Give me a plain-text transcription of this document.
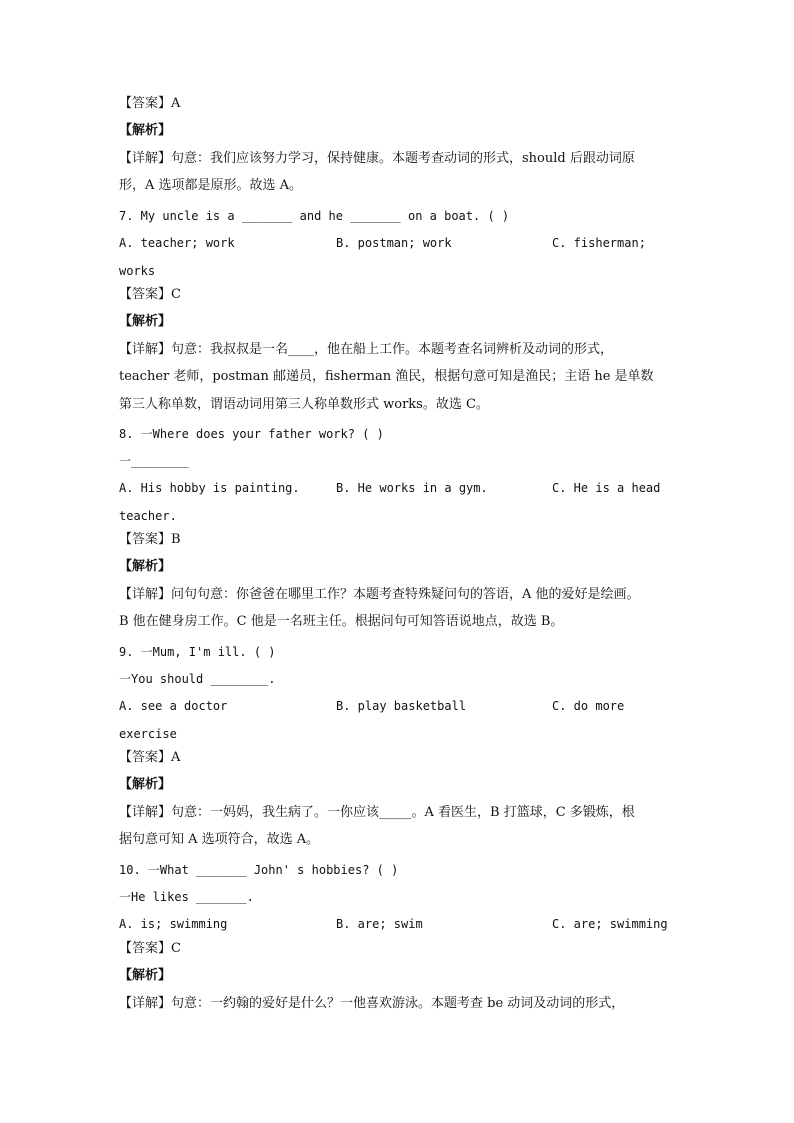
【答案】A
【解析】
【详解】句意：我们应该努力学习，保持健康。本题考查动词的形式，should 后跟动词原
形，A 选项都是原形。故选 A。
7. My uncle is a _______ and he _______ on a boat. ( )
A. teacher; work	B. postman; work	C. fisherman;
works
【答案】C
【解析】
【详解】句意：我叔叔是一名____，他在船上工作。本题考查名词辨析及动词的形式，
teacher 老师，postman 邮递员，fisherman 渔民，根据句意可知是渔民；主语 he 是单数
第三人称单数，谓语动词用第三人称单数形式 works。故选 C。
8. 一Where does your father work? ( )
一________
A. His hobby is painting.	B. He works in a gym.	C. He is a head
teacher.
【答案】B
【解析】
【详解】问句句意：你爸爸在哪里工作？本题考查特殊疑问句的答语，A 他的爱好是绘画。
B 他在健身房工作。C 他是一名班主任。根据问句可知答语说地点，故选 B。
9. 一Mum, I'm ill. ( )
一You should ________.
A. see a doctor	B. play basketball	C. do more
exercise
【答案】A
【解析】
【详解】句意：一妈妈，我生病了。一你应该_____。A 看医生，B 打篮球，C 多锻炼，根
据句意可知 A 选项符合，故选 A。
10. 一What _______ John' s hobbies? ( )
一He likes _______.
A. is; swimming	B. are; swim	C. are; swimming
【答案】C
【解析】
【详解】句意：一约翰的爱好是什么？一他喜欢游泳。本题考查 be 动词及动词的形式，
